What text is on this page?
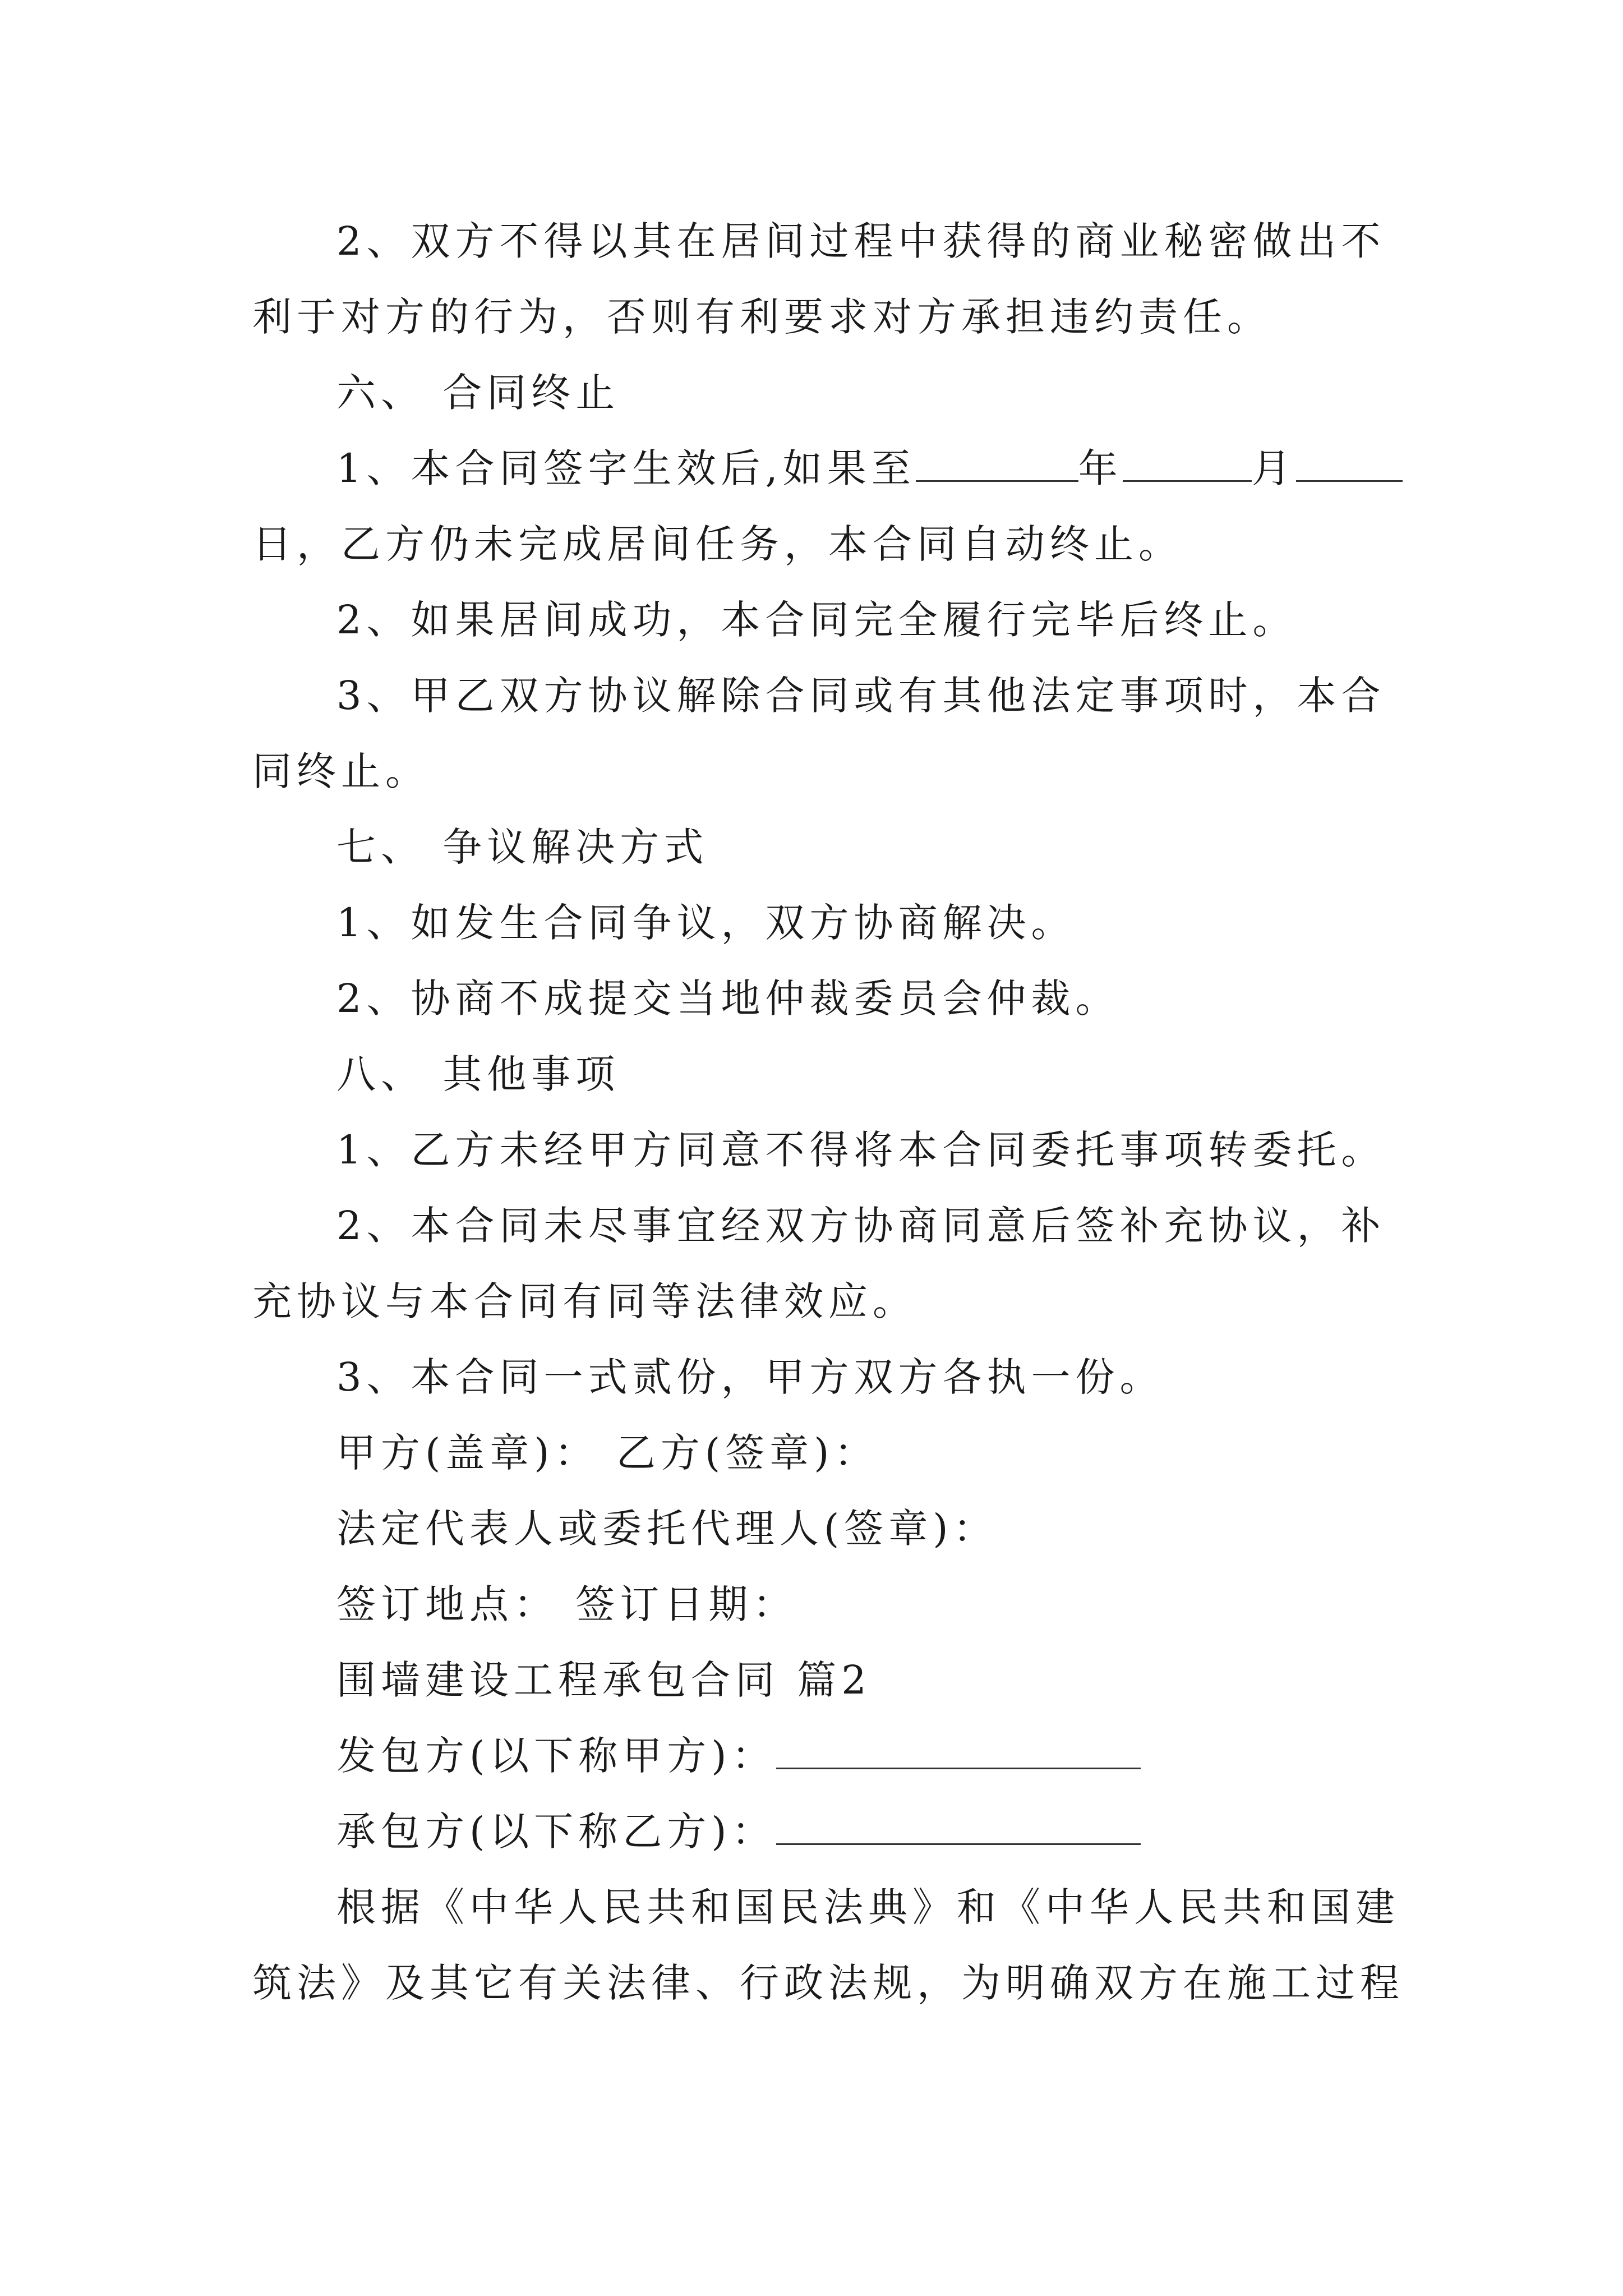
2、双方不得以其在居间过程中获得的商业秘密做出不
利于对方的行为，否则有利要求对方承担违约责任。
六、 合同终止
1、本合同签字生效后,如果至	年	月
日，乙方仍未完成居间任务，本合同自动终止。
2、如果居间成功，本合同完全履行完毕后终止。
3、甲乙双方协议解除合同或有其他法定事项时，本合
同终止。
七、 争议解决方式
1、如发生合同争议，双方协商解决。
2、协商不成提交当地仲裁委员会仲裁。
八、 其他事项
1、乙方未经甲方同意不得将本合同委托事项转委托。
2、本合同未尽事宜经双方协商同意后签补充协议，补
充协议与本合同有同等法律效应。
3、本合同一式贰份，甲方双方各执一份。
甲方(盖章)： 乙方(签章)：
法定代表人或委托代理人(签章)：
签订地点： 签订日期：
围墙建设工程承包合同 篇2
发包方(以下称甲方)：
承包方(以下称乙方)：
根据《中华人民共和国民法典》和《中华人民共和国建
筑法》及其它有关法律、行政法规，为明确双方在施工过程
